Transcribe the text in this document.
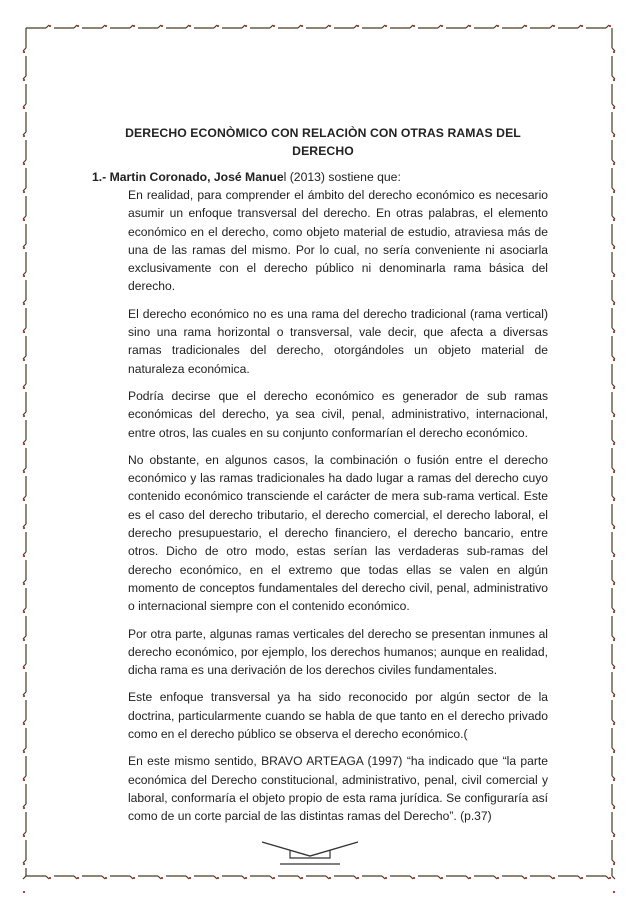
DERECHO ECONÒMICO CON RELACIÒN CON OTRAS RAMAS DEL
DERECHO
1.- Martin Coronado, José Manuel (2013) sostiene que:

En realidad, para comprender el ámbito del derecho económico es necesario asumir un enfoque transversal del derecho. En otras palabras, el elemento económico en el derecho, como objeto material de estudio, atraviesa más de una de las ramas del mismo. Por lo cual, no sería conveniente ni asociarla exclusivamente con el derecho público ni denominarla rama básica del derecho.

El derecho económico no es una rama del derecho tradicional (rama vertical) sino una rama horizontal o transversal, vale decir, que afecta a diversas ramas tradicionales del derecho, otorgándoles un objeto material de naturaleza económica.

Podría decirse que el derecho económico es generador de sub ramas económicas del derecho, ya sea civil, penal, administrativo, internacional, entre otros, las cuales en su conjunto conformarían el derecho económico.

No obstante, en algunos casos, la combinación o fusión entre el derecho económico y las ramas tradicionales ha dado lugar a ramas del derecho cuyo contenido económico transciende el carácter de mera sub-rama vertical. Este es el caso del derecho tributario, el derecho comercial, el derecho laboral, el derecho presupuestario, el derecho financiero, el derecho bancario, entre otros. Dicho de otro modo, estas serían las verdaderas sub-ramas del derecho económico, en el extremo que todas ellas se valen en algún momento de conceptos fundamentales del derecho civil, penal, administrativo o internacional siempre con el contenido económico.

Por otra parte, algunas ramas verticales del derecho se presentan inmunes al derecho económico, por ejemplo, los derechos humanos; aunque en realidad, dicha rama es una derivación de los derechos civiles fundamentales.

Este enfoque transversal ya ha sido reconocido por algún sector de la doctrina, particularmente cuando se habla de que tanto en el derecho privado como en el derecho público se observa el derecho económico.(

En este mismo sentido, BRAVO ARTEAGA (1997) “ha indicado que “la parte económica del Derecho constitucional, administrativo, penal, civil comercial y laboral, conformaría el objeto propio de esta rama jurídica. Se configuraría así como de un corte parcial de las distintas ramas del Derecho”. (p.37)
